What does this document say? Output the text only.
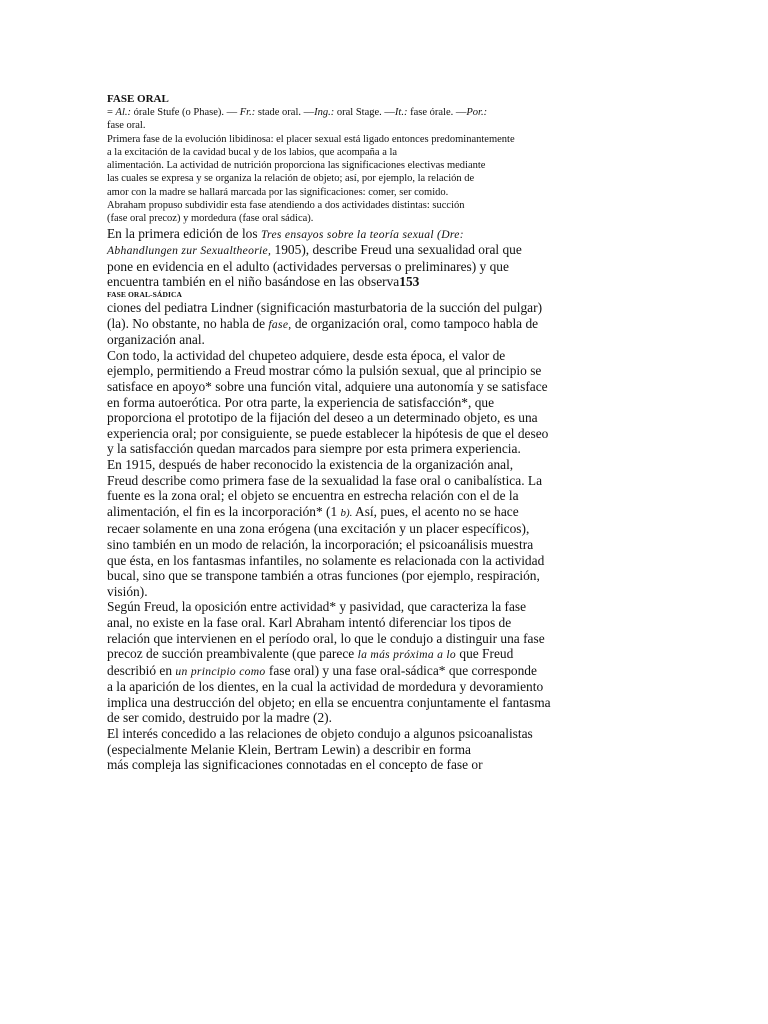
FASE ORAL
= Al.: órale Stufe (o Phase). — Fr.: stade oral. —Ing.: oral Stage. —It.: fase órale. —Por.:
fase oral.
Primera fase de la evolución libidinosa: el placer sexual está ligado entonces predominantemente
a la excitación de la cavidad bucal y de los labios, que acompaña a la
alimentación. La actividad de nutrición proporciona las significaciones electivas mediante
las cuales se expresa y se organiza la relación de objeto; así, por ejemplo, la relación de
amor con la madre se hallará marcada por las significaciones: comer, ser comido.
Abraham propuso subdividir esta fase atendiendo a dos actividades distintas: succión
(fase oral precoz) y mordedura (fase oral sádica).
En la primera edición de los Tres ensayos sobre la teoría sexual (Dre:
Abhandlungen zur Sexualtheorie, 1905), describe Freud una sexualidad oral que
pone en evidencia en el adulto (actividades perversas o preliminares) y que
encuentra también en el niño basándose en las observa153
FASE ORAL-SÁDICA
ciones del pediatra Lindner (significación masturbatoria de la succión del pulgar)
(la). No obstante, no habla de fase, de organización oral, como tampoco habla de
organización anal.
Con todo, la actividad del chupeteo adquiere, desde esta época, el valor de
ejemplo, permitiendo a Freud mostrar cómo la pulsión sexual, que al principio se
satisface en apoyo* sobre una función vital, adquiere una autonomía y se satisface
en forma autoerótica. Por otra parte, la experiencia de satisfacción*, que
proporciona el prototipo de la fijación del deseo a un determinado objeto, es una
experiencia oral; por consiguiente, se puede establecer la hipótesis de que el deseo
y la satisfacción quedan marcados para siempre por esta primera experiencia.
En 1915, después de haber reconocido la existencia de la organización anal,
Freud describe como primera fase de la sexualidad la fase oral o canibalística. La
fuente es la zona oral; el objeto se encuentra en estrecha relación con el de la
alimentación, el fin es la incorporación* (1 b). Así, pues, el acento no se hace
recaer solamente en una zona erógena (una excitación y un placer específicos),
sino también en un modo de relación, la incorporación; el psicoanálisis muestra
que ésta, en los fantasmas infantiles, no solamente es relacionada con la actividad
bucal, sino que se transpone también a otras funciones (por ejemplo, respiración,
visión).
Según Freud, la oposición entre actividad* y pasividad, que caracteriza la fase
anal, no existe en la fase oral. Karl Abraham intentó diferenciar los tipos de
relación que intervienen en el período oral, lo que le condujo a distinguir una fase
precoz de succión preambivalente (que parece la más próxima a lo que Freud
describió en un principio como fase oral) y una fase oral-sádica* que corresponde
a la aparición de los dientes, en la cual la actividad de mordedura y devoramiento
implica una destrucción del objeto; en ella se encuentra conjuntamente el fantasma
de ser comido, destruido por la madre (2).
El interés concedido a las relaciones de objeto condujo a algunos psicoanalistas
(especialmente Melanie Klein, Bertram Lewin) a describir en forma
más compleja las significaciones connotadas en el concepto de fase or
